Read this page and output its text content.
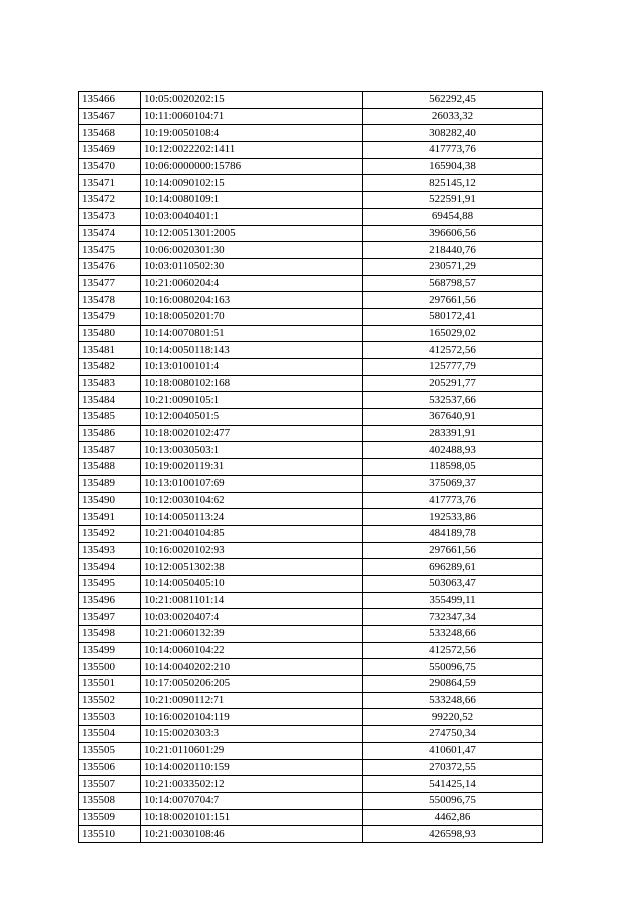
135466	10:05:0020202:15	562292,45
135467	10:11:0060104:71	26033,32
135468	10:19:0050108:4	308282,40
135469	10:12:0022202:1411	417773,76
135470	10:06:0000000:15786	165904,38
135471	10:14:0090102:15	825145,12
135472	10:14:0080109:1	522591,91
135473	10:03:0040401:1	69454,88
135474	10:12:0051301:2005	396606,56
135475	10:06:0020301:30	218440,76
135476	10:03:0110502:30	230571,29
135477	10:21:0060204:4	568798,57
135478	10:16:0080204:163	297661,56
135479	10:18:0050201:70	580172,41
135480	10:14:0070801:51	165029,02
135481	10:14:0050118:143	412572,56
135482	10:13:0100101:4	125777,79
135483	10:18:0080102:168	205291,77
135484	10:21:0090105:1	532537,66
135485	10:12:0040501:5	367640,91
135486	10:18:0020102:477	283391,91
135487	10:13:0030503:1	402488,93
135488	10:19:0020119:31	118598,05
135489	10:13:0100107:69	375069,37
135490	10:12:0030104:62	417773,76
135491	10:14:0050113:24	192533,86
135492	10:21:0040104:85	484189,78
135493	10:16:0020102:93	297661,56
135494	10:12:0051302:38	696289,61
135495	10:14:0050405:10	503063,47
135496	10:21:0081101:14	355499,11
135497	10:03:0020407:4	732347,34
135498	10:21:0060132:39	533248,66
135499	10:14:0060104:22	412572,56
135500	10:14:0040202:210	550096,75
135501	10:17:0050206:205	290864,59
135502	10:21:0090112:71	533248,66
135503	10:16:0020104:119	99220,52
135504	10:15:0020303:3	274750,34
135505	10:21:0110601:29	410601,47
135506	10:14:0020110:159	270372,55
135507	10:21:0033502:12	541425,14
135508	10:14:0070704:7	550096,75
135509	10:18:0020101:151	4462,86
135510	10:21:0030108:46	426598,93
